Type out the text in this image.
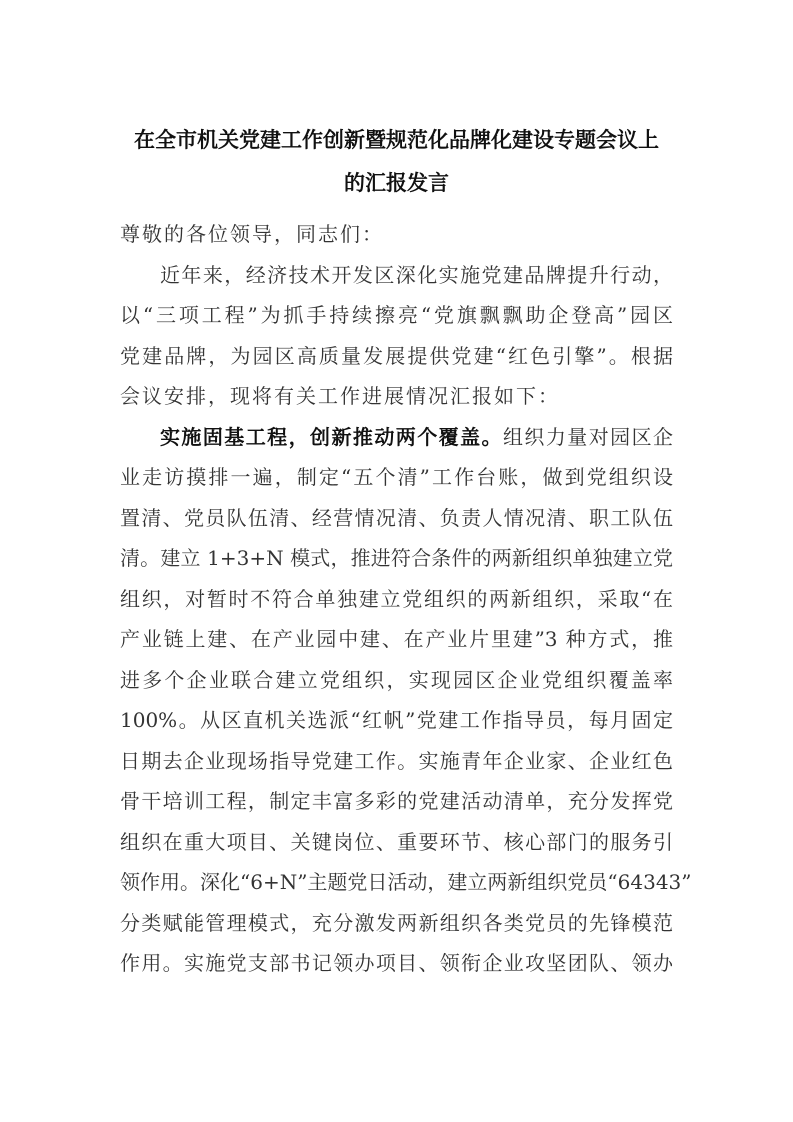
在全市机关党建工作创新暨规范化品牌化建设专题会议上
的汇报发言
尊敬的各位领导，同志们：
近年来，经济技术开发区深化实施党建品牌提升行动，
以“三项工程”为抓手持续擦亮“党旗飘飘助企登高”园区
党建品牌，为园区高质量发展提供党建“红色引擎”。根据
会议安排，现将有关工作进展情况汇报如下：
实施固基工程，创新推动两个覆盖。组织力量对园区企
业走访摸排一遍，制定“五个清”工作台账，做到党组织设
置清、党员队伍清、经营情况清、负责人情况清、职工队伍
清。建立 1+3+N 模式，推进符合条件的两新组织单独建立党
组织，对暂时不符合单独建立党组织的两新组织，采取“在
产业链上建、在产业园中建、在产业片里建”3 种方式，推
进多个企业联合建立党组织，实现园区企业党组织覆盖率
100%。从区直机关选派“红帆”党建工作指导员，每月固定
日期去企业现场指导党建工作。实施青年企业家、企业红色
骨干培训工程，制定丰富多彩的党建活动清单，充分发挥党
组织在重大项目、关键岗位、重要环节、核心部门的服务引
领作用。深化“6+N”主题党日活动，建立两新组织党员“64343”
分类赋能管理模式，充分激发两新组织各类党员的先锋模范
作用。实施党支部书记领办项目、领衔企业攻坚团队、领办
